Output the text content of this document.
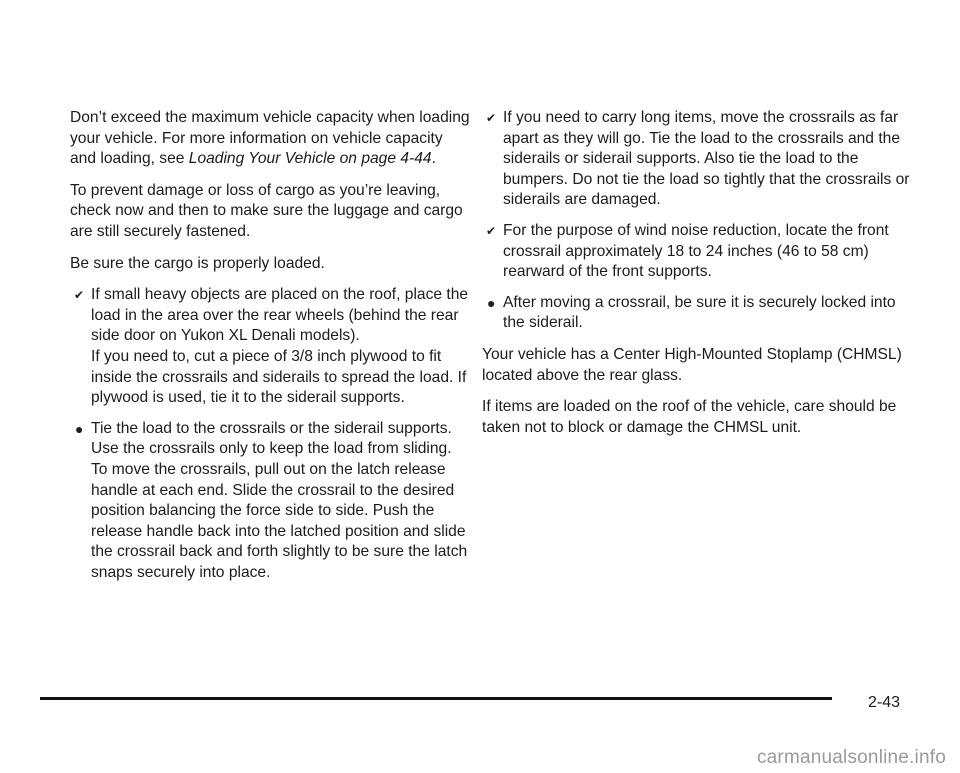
Don’t exceed the maximum vehicle capacity when loading your vehicle. For more information on vehicle capacity and loading, see Loading Your Vehicle on page 4-44.

To prevent damage or loss of cargo as you’re leaving, check now and then to make sure the luggage and cargo are still securely fastened.

Be sure the cargo is properly loaded.

✔ If small heavy objects are placed on the roof, place the load in the area over the rear wheels (behind the rear side door on Yukon XL Denali models).
If you need to, cut a piece of 3/8 inch plywood to fit inside the crossrails and siderails to spread the load. If plywood is used, tie it to the siderail supports.
● Tie the load to the crossrails or the siderail supports. Use the crossrails only to keep the load from sliding. To move the crossrails, pull out on the latch release handle at each end. Slide the crossrail to the desired position balancing the force side to side. Push the release handle back into the latched position and slide the crossrail back and forth slightly to be sure the latch snaps securely into place.
✔ If you need to carry long items, move the crossrails as far apart as they will go. Tie the load to the crossrails and the siderails or siderail supports. Also tie the load to the bumpers. Do not tie the load so tightly that the crossrails or siderails are damaged.
✔ For the purpose of wind noise reduction, locate the front crossrail approximately 18 to 24 inches (46 to 58 cm) rearward of the front supports.
● After moving a crossrail, be sure it is securely locked into the siderail.

Your vehicle has a Center High-Mounted Stoplamp (CHMSL) located above the rear glass.

If items are loaded on the roof of the vehicle, care should be taken not to block or damage the CHMSL unit.

2-43
carmanualsonline.info
